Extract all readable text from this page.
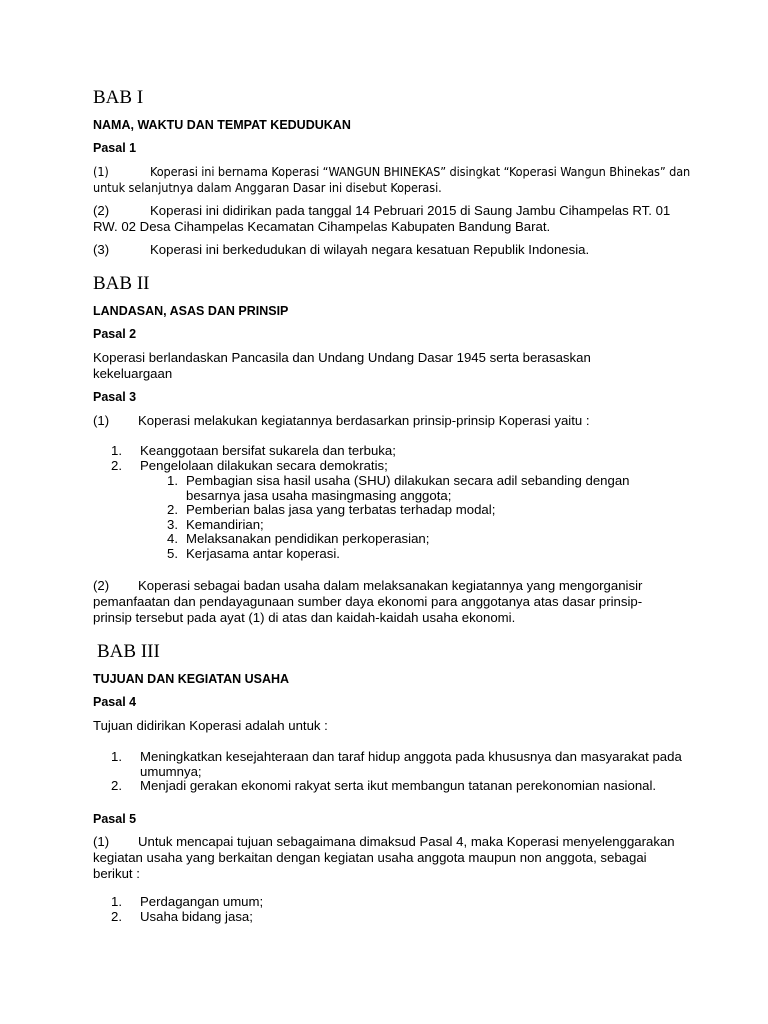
BAB I
NAMA, WAKTU DAN TEMPAT KEDUDUKAN
Pasal 1

(1)	Koperasi ini bernama Koperasi “WANGUN BHINEKAS” disingkat “Koperasi Wangun Bhinekas” dan untuk selanjutnya dalam Anggaran Dasar ini disebut Koperasi.

(2)	Koperasi ini didirikan pada tanggal 14 Pebruari 2015 di Saung Jambu Cihampelas RT. 01 RW. 02 Desa Cihampelas Kecamatan Cihampelas Kabupaten Bandung Barat.

(3)	Koperasi ini berkedudukan di wilayah negara kesatuan Republik Indonesia.

BAB II
LANDASAN, ASAS DAN PRINSIP
Pasal 2

Koperasi berlandaskan Pancasila dan Undang Undang Dasar 1945 serta berasaskan kekeluargaan

Pasal 3

(1) Koperasi melakukan kegiatannya berdasarkan prinsip-prinsip Koperasi yaitu :

1. Keanggotaan bersifat sukarela dan terbuka;
2. Pengelolaan dilakukan secara demokratis;
1. Pembagian sisa hasil usaha (SHU) dilakukan secara adil sebanding dengan besarnya jasa usaha masingmasing anggota;
2. Pemberian balas jasa yang terbatas terhadap modal;
3. Kemandirian;
4. Melaksanakan pendidikan perkoperasian;
5. Kerjasama antar koperasi.

(2) Koperasi sebagai badan usaha dalam melaksanakan kegiatannya yang mengorganisir pemanfaatan dan pendayagunaan sumber daya ekonomi para anggotanya atas dasar prinsip-prinsip tersebut pada ayat (1) di atas dan kaidah-kaidah usaha ekonomi.

BAB III
TUJUAN DAN KEGIATAN USAHA
Pasal 4

Tujuan didirikan Koperasi adalah untuk :

1. Meningkatkan kesejahteraan dan taraf hidup anggota pada khususnya dan masyarakat pada umumnya;
2. Menjadi gerakan ekonomi rakyat serta ikut membangun tatanan perekonomian nasional.
Pasal 5

(1) Untuk mencapai tujuan sebagaimana dimaksud Pasal 4, maka Koperasi menyelenggarakan kegiatan usaha yang berkaitan dengan kegiatan usaha anggota maupun non anggota, sebagai berikut :

1. Perdagangan umum;
2. Usaha bidang jasa;
